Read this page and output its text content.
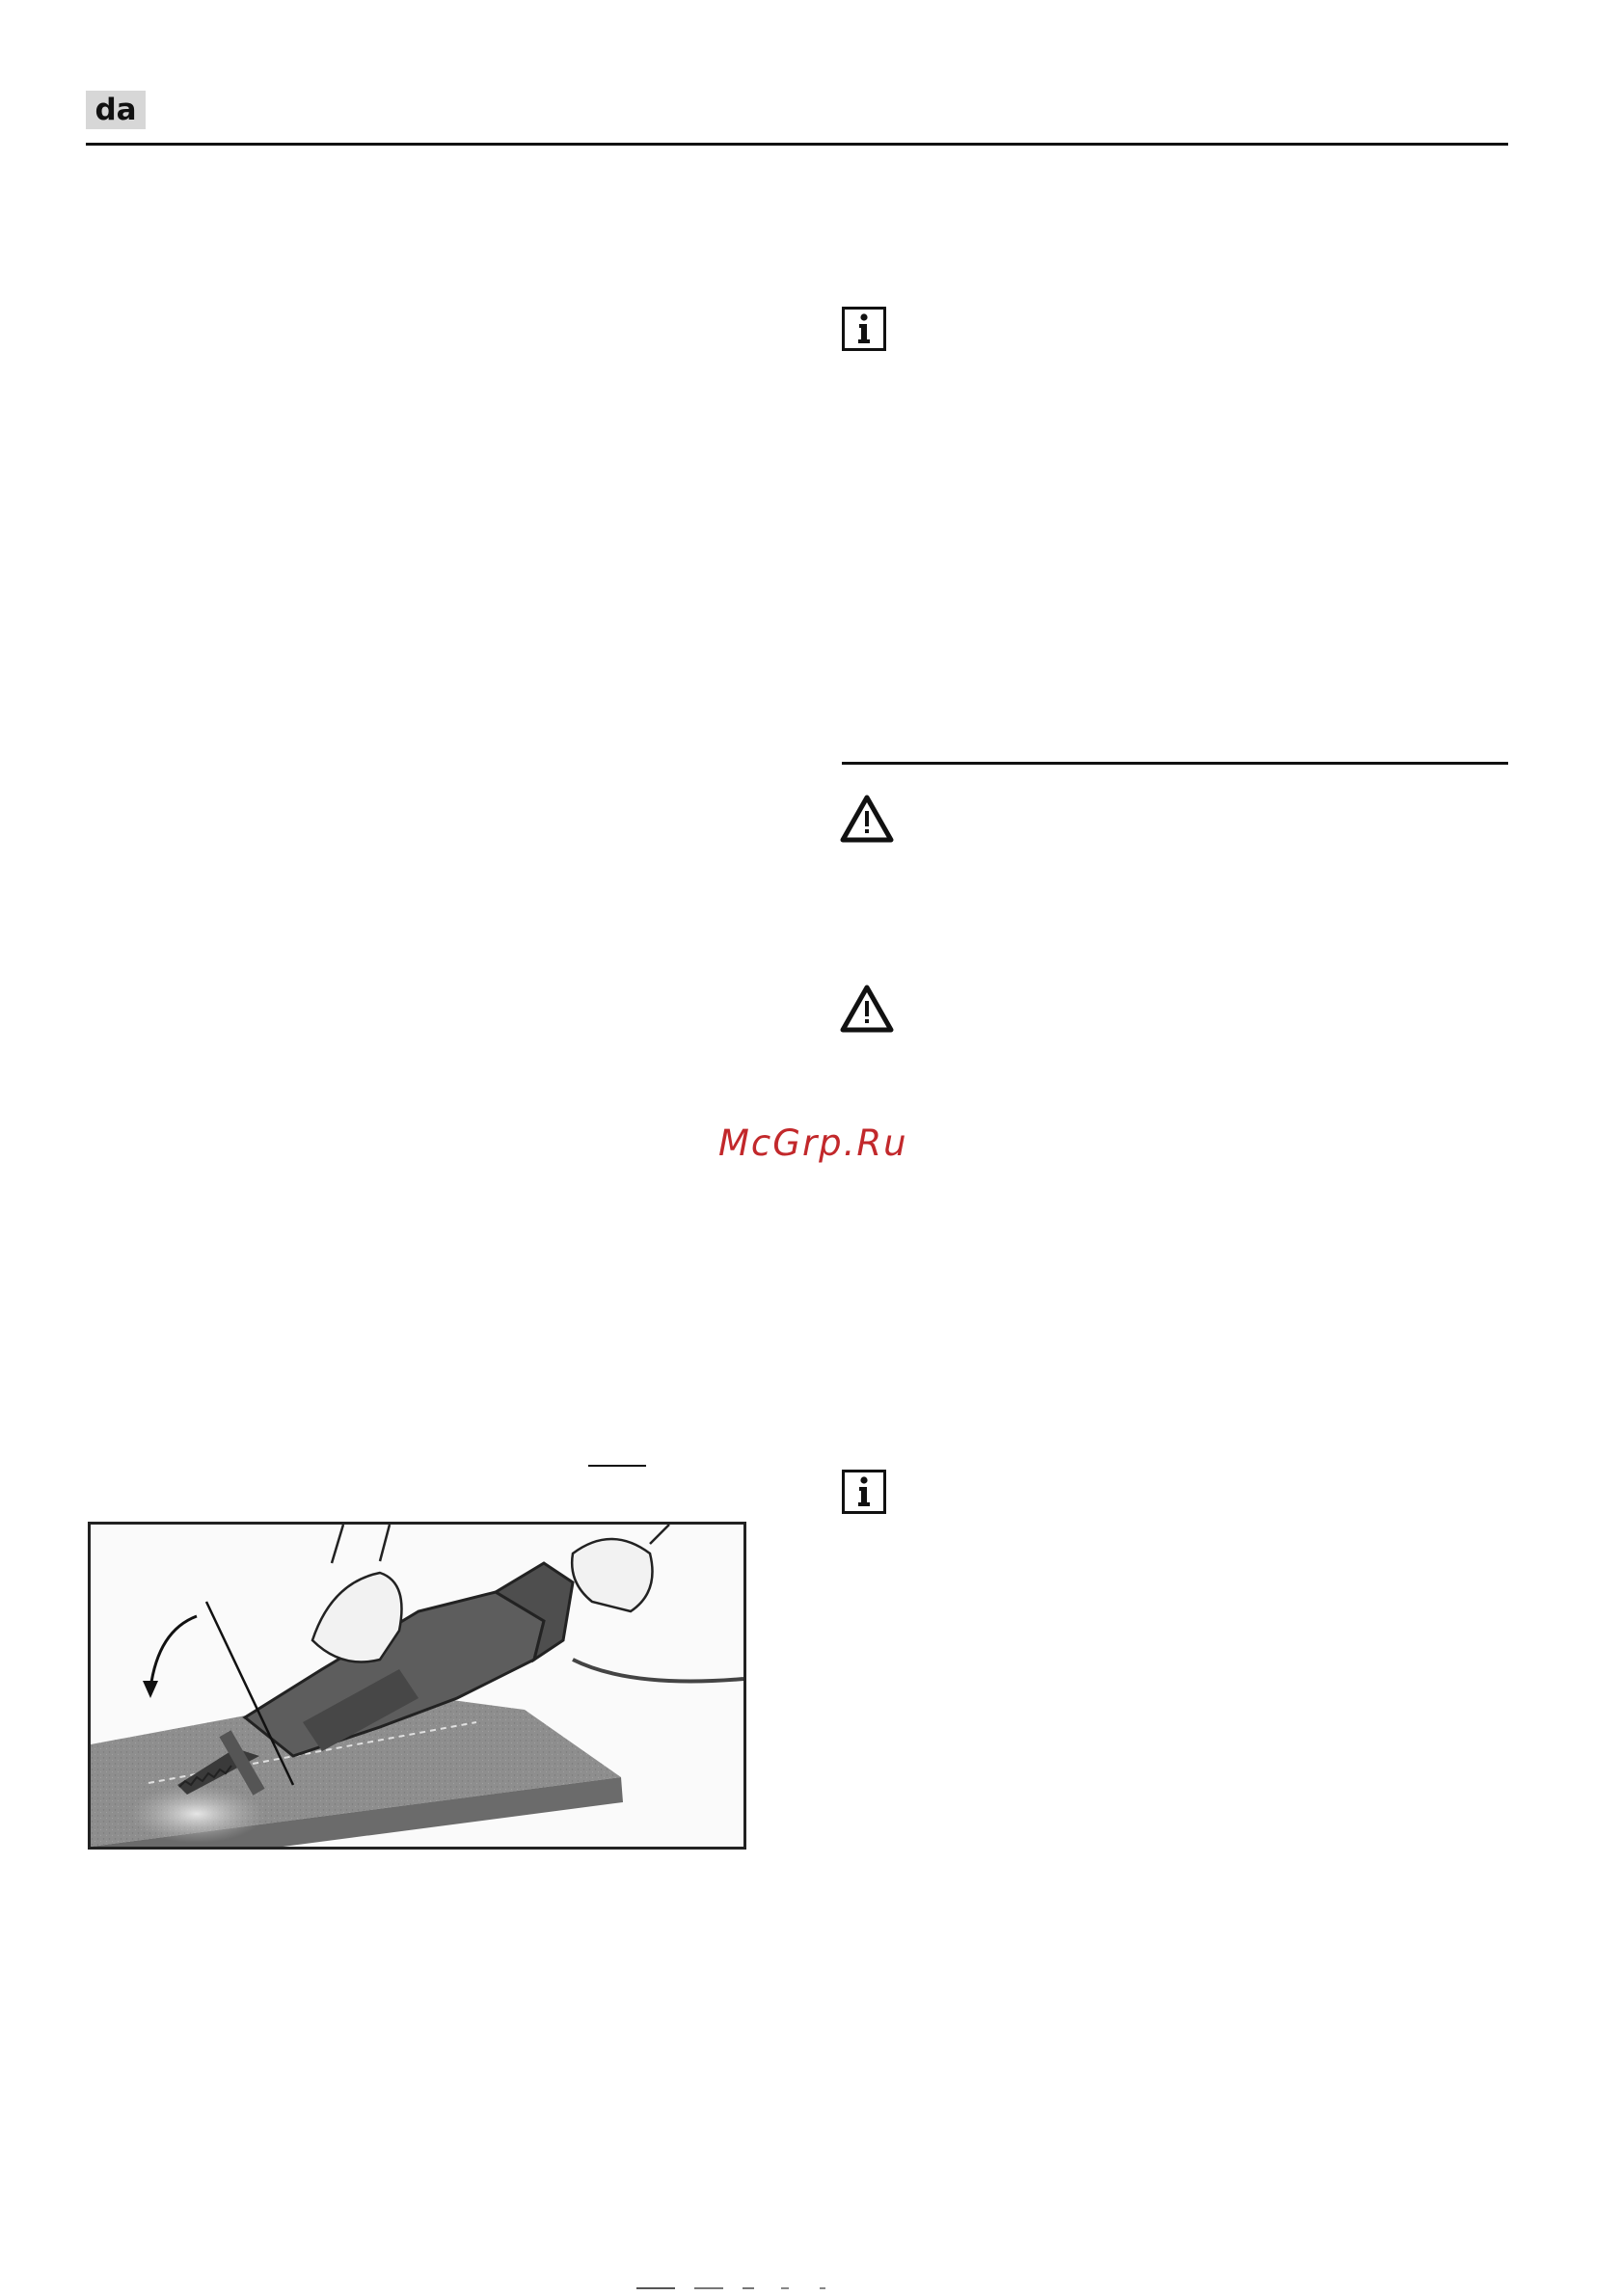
da
McGrp.Ru
